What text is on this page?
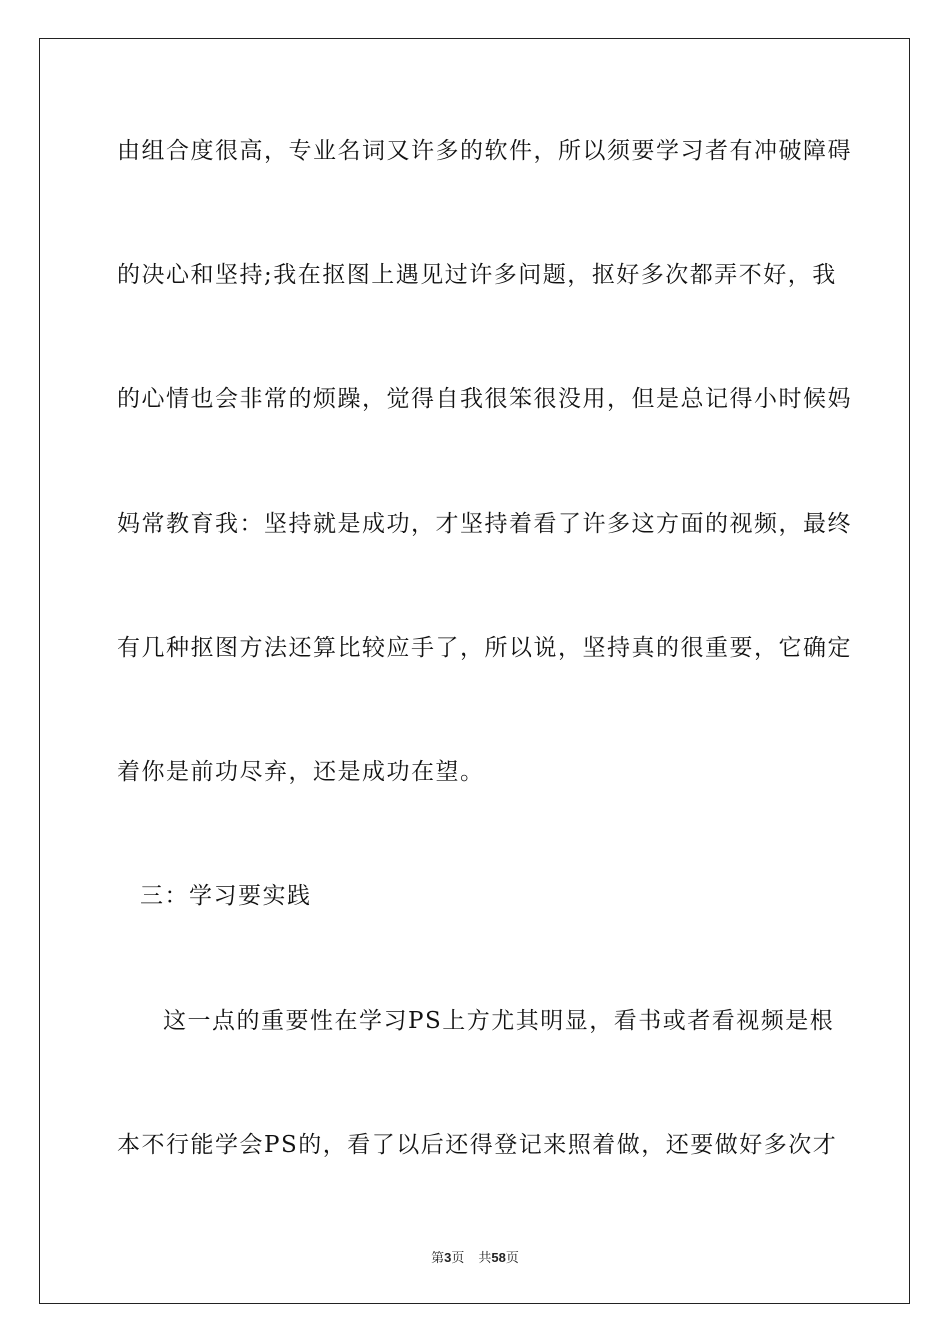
由组合度很高，专业名词又许多的软件，所以须要学习者有冲破障碍
的决心和坚持;我在抠图上遇见过许多问题，抠好多次都弄不好，我
的心情也会非常的烦躁，觉得自我很笨很没用，但是总记得小时候妈
妈常教育我：坚持就是成功，才坚持着看了许多这方面的视频，最终
有几种抠图方法还算比较应手了，所以说，坚持真的很重要，它确定
着你是前功尽弃，还是成功在望。
三：学习要实践
这一点的重要性在学习PS上方尤其明显，看书或者看视频是根
本不行能学会PS的，看了以后还得登记来照着做，还要做好多次才
第3页 共58页
